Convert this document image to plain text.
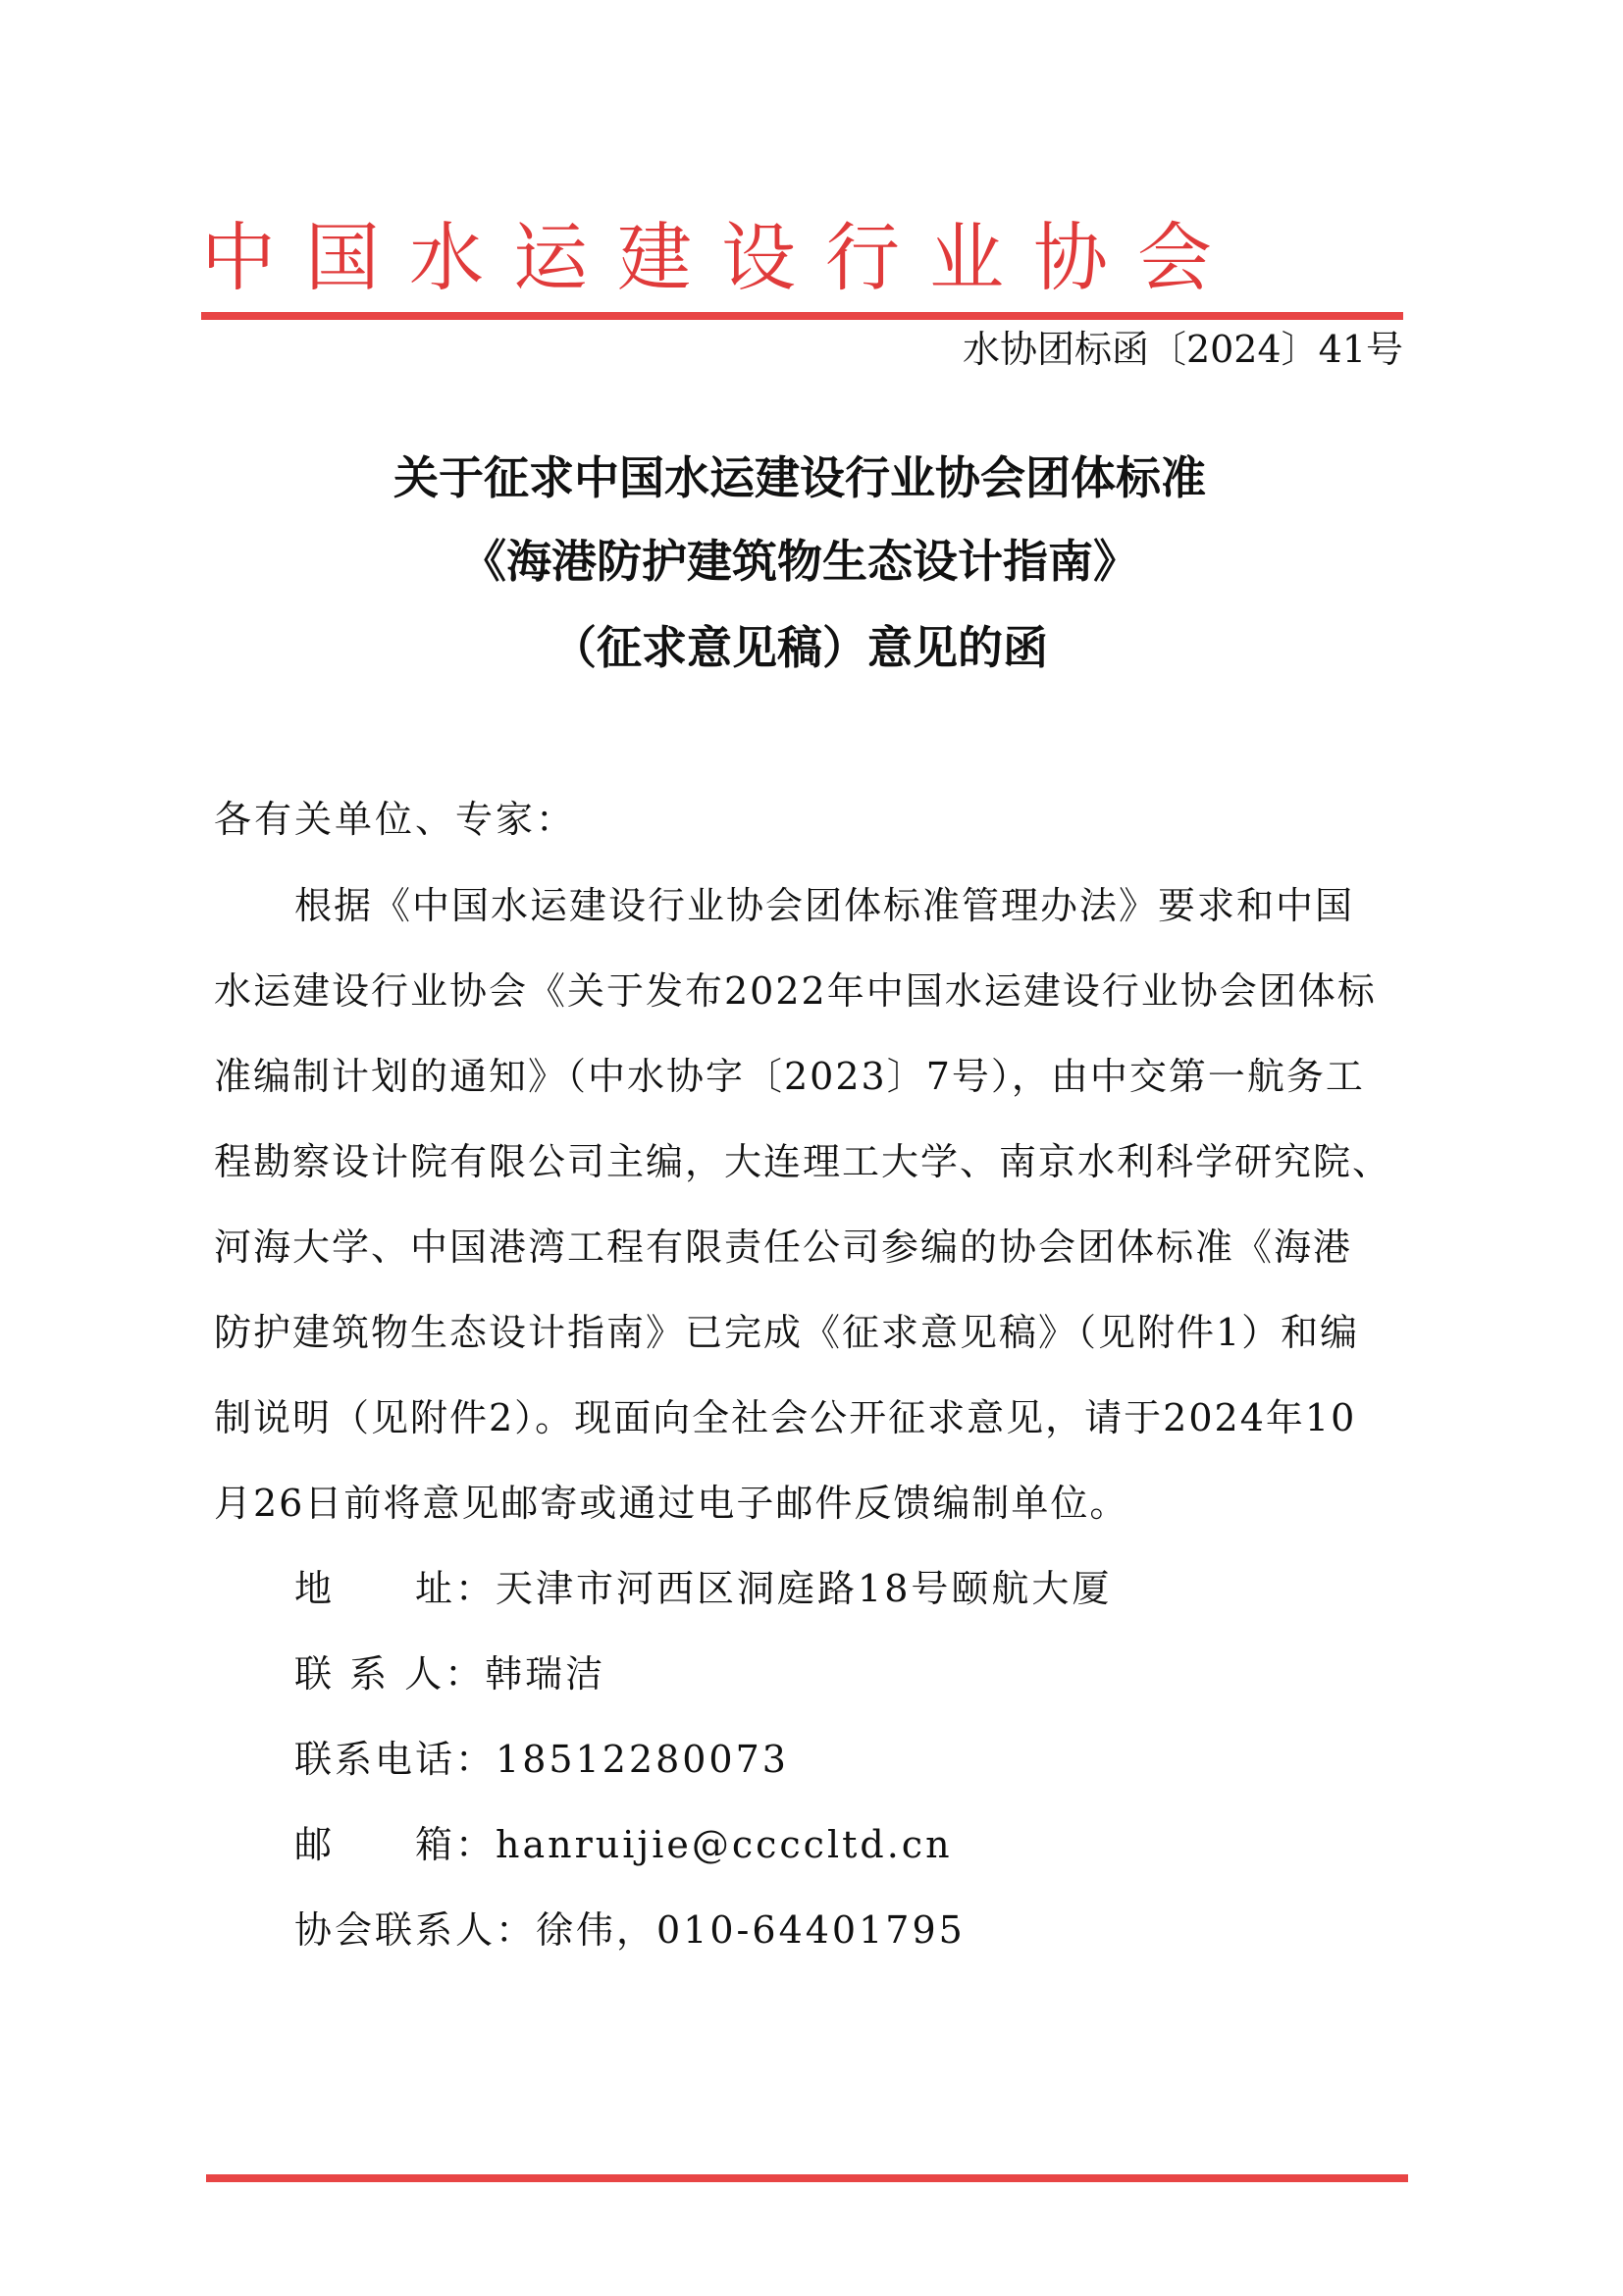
中国水运建设行业协会
水协团标函〔2024〕41号
关于征求中国水运建设行业协会团体标准
《海港防护建筑物生态设计指南》
（征求意见稿）意见的函
各有关单位、专家：
根据《中国水运建设行业协会团体标准管理办法》要求和中国
水运建设行业协会《关于发布2022年中国水运建设行业协会团体标
准编制计划的通知》（中水协字〔2023〕7号），由中交第一航务工
程勘察设计院有限公司主编，大连理工大学、南京水利科学研究院、
河海大学、中国港湾工程有限责任公司参编的协会团体标准《海港
防护建筑物生态设计指南》已完成《征求意见稿》（见附件1）和编
制说明（见附件2）。现面向全社会公开征求意见，请于2024年10
月26日前将意见邮寄或通过电子邮件反馈编制单位。
地　　址：天津市河西区洞庭路18号颐航大厦
联 系 人：韩瑞洁
联系电话：18512280073
邮　　箱：hanruijie@ccccltd.cn
协会联系人：徐伟，010-64401795
